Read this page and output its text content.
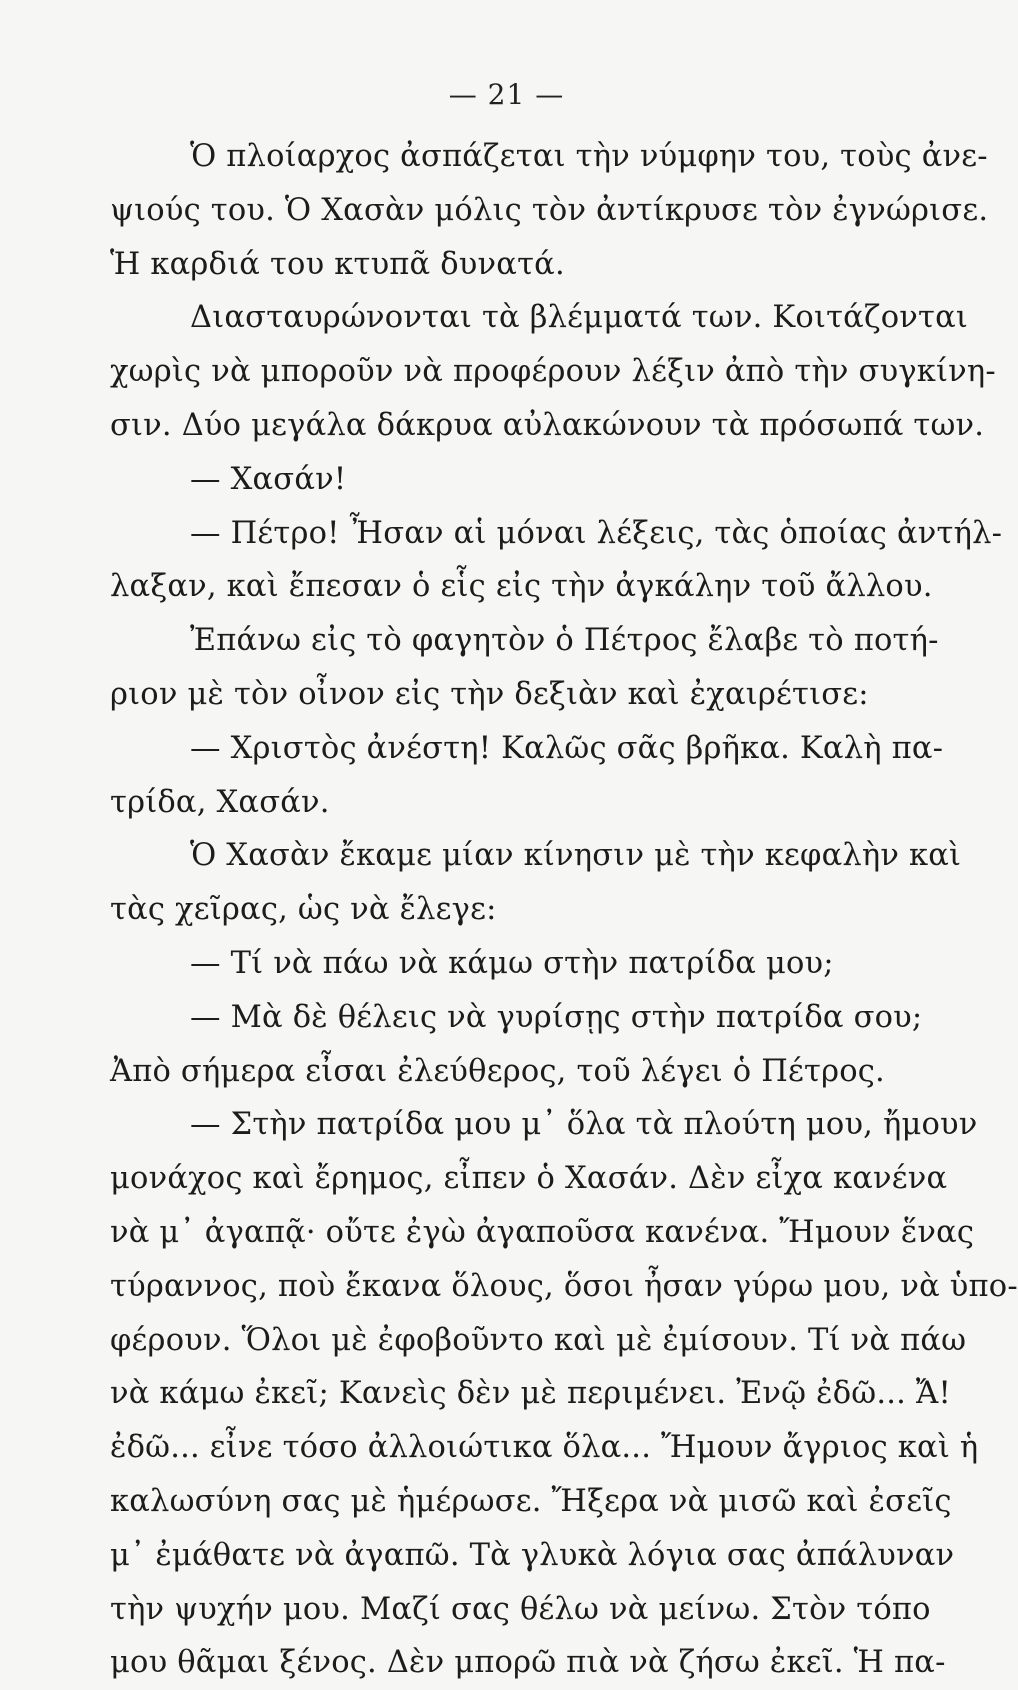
— 21 —
Ὁ πλοίαρχος ἀσπάζεται τὴν νύμφην του, τοὺς ἀνε-
ψιούς του. Ὁ Χασὰν μόλις τὸν ἀντίκρυσε τὸν ἐγνώρισε.
Ἡ καρδιά του κτυπᾶ δυνατά.
Διασταυρώνονται τὰ βλέμματά των. Κοιτάζονται
χωρὶς νὰ μποροῦν νὰ προφέρουν λέξιν ἀπὸ τὴν συγκίνη-
σιν. Δύο μεγάλα δάκρυα αὐλακώνουν τὰ πρόσωπά των.
— Χασάν!
— Πέτρο! Ἦσαν αἱ μόναι λέξεις, τὰς ὁποίας ἀντήλ-
λαξαν, καὶ ἔπεσαν ὁ εἷς εἰς τὴν ἀγκάλην τοῦ ἄλλου.
Ἐπάνω εἰς τὸ φαγητὸν ὁ Πέτρος ἔλαβε τὸ ποτή-
ριον μὲ τὸν οἶνον εἰς τὴν δεξιὰν καὶ ἐχαιρέτισε:
— Χριστὸς ἀνέστη! Καλῶς σᾶς βρῆκα. Καλὴ πα-
τρίδα, Χασάν.
Ὁ Χασὰν ἔκαμε μίαν κίνησιν μὲ τὴν κεφαλὴν καὶ
τὰς χεῖρας, ὡς νὰ ἔλεγε:
— Τί νὰ πάω νὰ κάμω στὴν πατρίδα μου;
— Μὰ δὲ θέλεις νὰ γυρίσῃς στὴν πατρίδα σου;
Ἀπὸ σήμερα εἶσαι ἐλεύθερος, τοῦ λέγει ὁ Πέτρος.
— Στὴν πατρίδα μου μ᾽ ὅλα τὰ πλούτη μου, ἤμουν
μονάχος καὶ ἔρημος, εἶπεν ὁ Χασάν. Δὲν εἶχα κανένα
νὰ μ᾽ ἀγαπᾷ· οὔτε ἐγὼ ἀγαποῦσα κανένα. Ἤμουν ἕνας
τύραννος, ποὺ ἔκανα ὅλους, ὅσοι ἦσαν γύρω μου, νὰ ὑπο-
φέρουν. Ὅλοι μὲ ἐφοβοῦντο καὶ μὲ ἐμίσουν. Τί νὰ πάω
νὰ κάμω ἐκεῖ; Κανεὶς δὲν μὲ περιμένει. Ἐνῷ ἐδῶ... Ἄ!
ἐδῶ... εἶνε τόσο ἀλλοιώτικα ὅλα... Ἤμουν ἄγριος καὶ ἡ
καλωσύνη σας μὲ ἡμέρωσε. Ἤξερα νὰ μισῶ καὶ ἐσεῖς
μ᾽ ἐμάθατε νὰ ἀγαπῶ. Τὰ γλυκὰ λόγια σας ἀπάλυναν
τὴν ψυχήν μου. Μαζί σας θέλω νὰ μείνω. Στὸν τόπο
μου θᾶμαι ξένος. Δὲν μπορῶ πιὰ νὰ ζήσω ἐκεῖ. Ἡ πα-
